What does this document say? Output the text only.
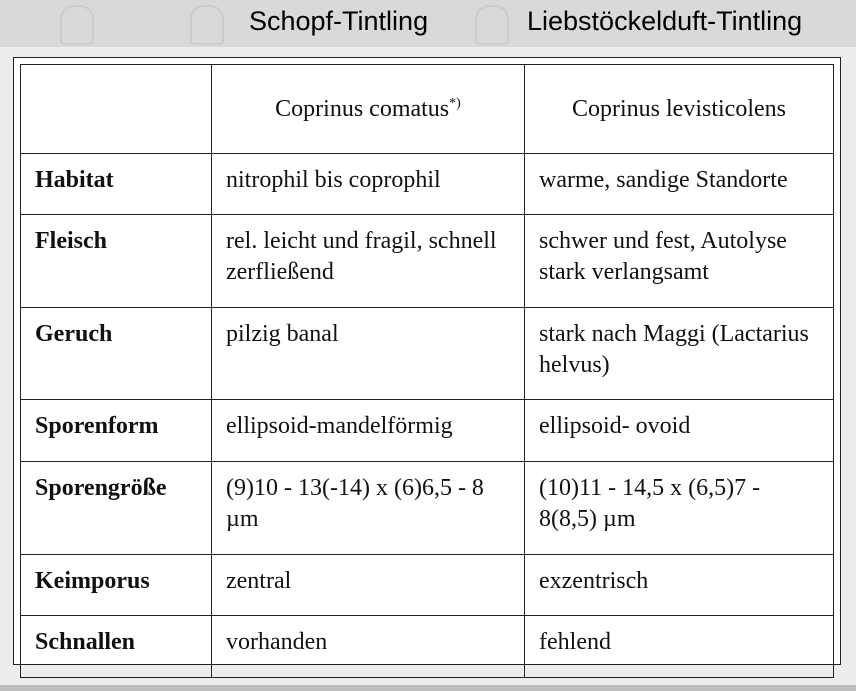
Schopf-Tintling	Liebstöckelduft-Tintling
	Coprinus comatus*)	Coprinus levisticolens
Habitat	nitrophil bis coprophil	warme, sandige Standorte
Fleisch	rel. leicht und fragil, schnell zerfließend	schwer und fest, Autolyse stark verlangsamt
Geruch	pilzig banal	stark nach Maggi (Lactarius helvus)
Sporenform	ellipsoid-mandelförmig	ellipsoid- ovoid
Sporengröße	(9)10 - 13(-14) x (6)6,5 - 8 µm	(10)11 - 14,5 x (6,5)7 - 8(8,5) µm
Keimporus	zentral	exzentrisch
Schnallen	vorhanden	fehlend
